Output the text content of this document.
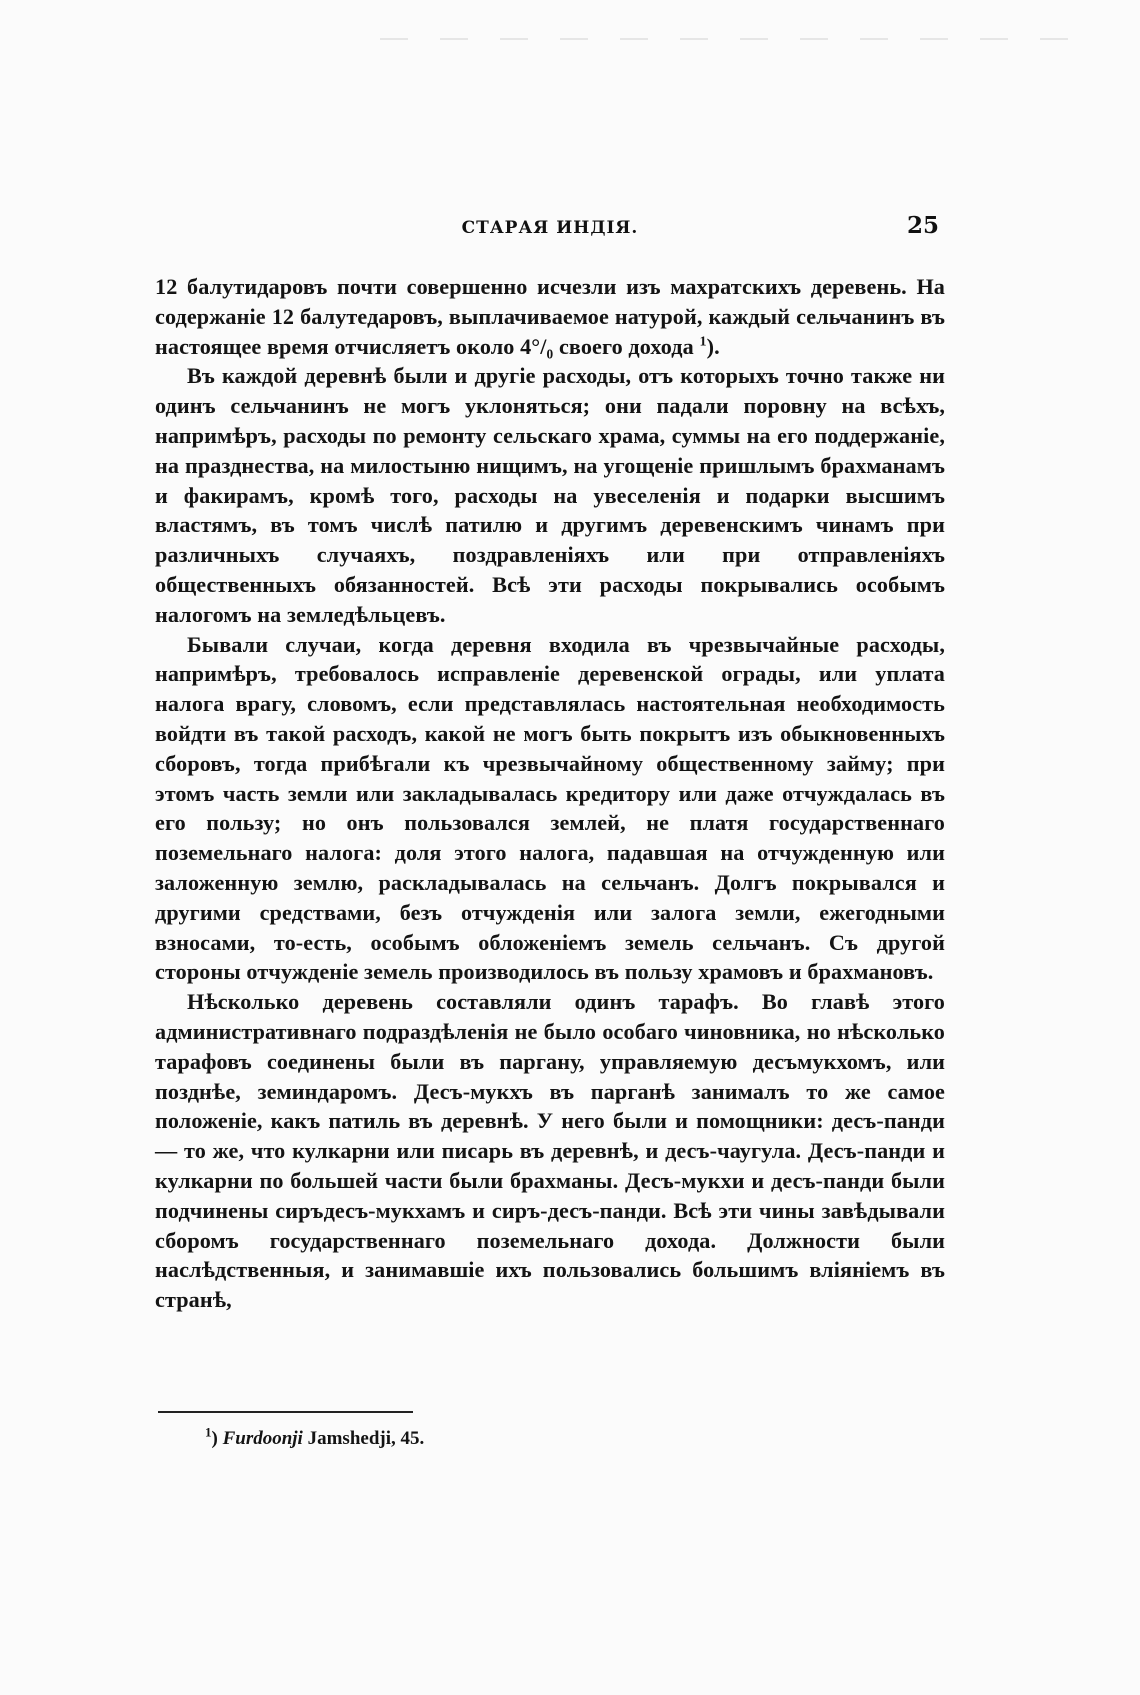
СТАРАЯ ИНДІЯ.	25

12 балутидаровъ почти совершенно исчезли изъ махратскихъ деревень. На содержаніе 12 балутедаровъ, выплачиваемое натурой, каждый сельчанинъ въ настоящее время отчисляетъ около 4°/₀ своего дохода $^1$).

Въ каждой деревнѣ были и другіе расходы, отъ которыхъ точно также ни одинъ сельчанинъ не могъ уклоняться; они падали поровну на всѣхъ, напримѣръ, расходы по ремонту сельскаго храма, суммы на его поддержаніе, на празднества, на милостыню нищимъ, на угощеніе пришлымъ брахманамъ и факирамъ, кромѣ того, расходы на увеселенія и подарки высшимъ властямъ, въ томъ числѣ патилю и другимъ деревенскимъ чинамъ при различныхъ случаяхъ, поздравленіяхъ или при отправленіяхъ общественныхъ обязанностей. Всѣ эти расходы покрывались особымъ налогомъ на земледѣльцевъ.

Бывали случаи, когда деревня входила въ чрезвычайные расходы, напримѣръ, требовалось исправленіе деревенской ограды, или уплата налога врагу, словомъ, если представлялась настоятельная необходимость войдти въ такой расходъ, какой не могъ быть покрытъ изъ обыкновенныхъ сборовъ, тогда прибѣгали къ чрезвычайному общественному займу; при этомъ часть земли или закладывалась кредитору или даже отчуждалась въ его пользу; но онъ пользовался землей, не платя государственнаго поземельнаго налога: доля этого налога, падавшая на отчужденную или заложенную землю, раскладывалась на сельчанъ. Долгъ покрывался и другими средствами, безъ отчужденія или залога земли, ежегодными взносами, то-есть, особымъ обложеніемъ земель сельчанъ. Съ другой стороны отчужденіе земель производилось въ пользу храмовъ и брахмановъ.

Нѣсколько деревень составляли одинъ тарафъ. Во главѣ этого административнаго подраздѣленія не было особаго чиновника, но нѣсколько тарафовъ соединены были въ паргану, управляемую десъмукхомъ, или позднѣе, земиндаромъ. Десъ-мукхъ въ парганѣ занималъ то же самое положеніе, какъ патиль въ деревнѣ. У него были и помощники: десъ-панди — то же, что кулкарни или писарь въ деревнѣ, и десъ-чаугула. Десъ-панди и кулкарни по большей части были брахманы. Десъ-мукхи и десъ-панди были подчинены сиръдесъ-мукхамъ и сиръ-десъ-панди. Всѣ эти чины завѣдывали сборомъ государственнаго поземельнаго дохода. Должности были наслѣдственныя, и занимавшіе ихъ пользовались большимъ вліяніемъ въ странѣ,

$^1$) Furdoonji Jamshedji, 45.
